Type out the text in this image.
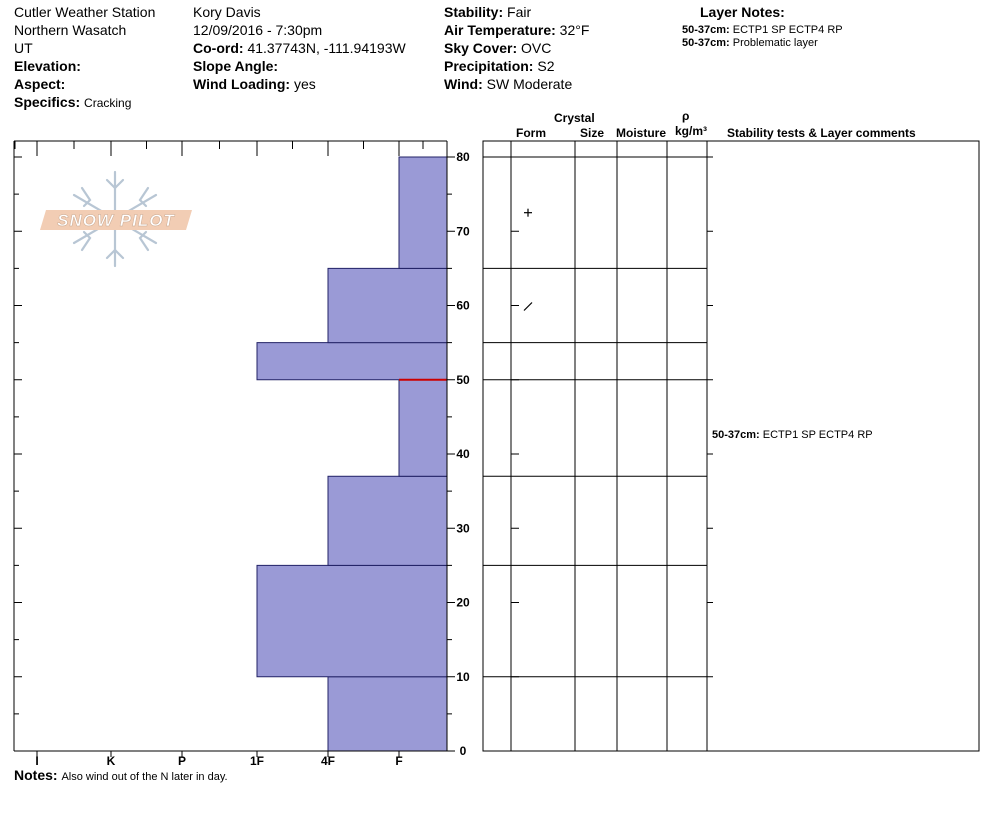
Cutler Weather Station
Northern Wasatch
UT
Elevation:
Aspect:
Specifics: Cracking
Kory Davis
12/09/2016 - 7:30pm
Co-ord: 41.37743N, -111.94193W
Slope Angle:
Wind Loading: yes
Stability: Fair
Air Temperature: 32°F
Sky Cover: OVC
Precipitation: S2
Wind: SW Moderate
Layer Notes:
50-37cm: ECTP1 SP ECTP4 RP
50-37cm: Problematic layer
Crystal
Form	Size Moisture
ρ
kg/m³ Stability tests & Layer comments
SNOW PILOT
0
10
20
30
40
50
60
70
80
I	K	P	1F	4F	F
50-37cm: ECTP1 SP ECTP4 RP
Notes: Also wind out of the N later in day.
